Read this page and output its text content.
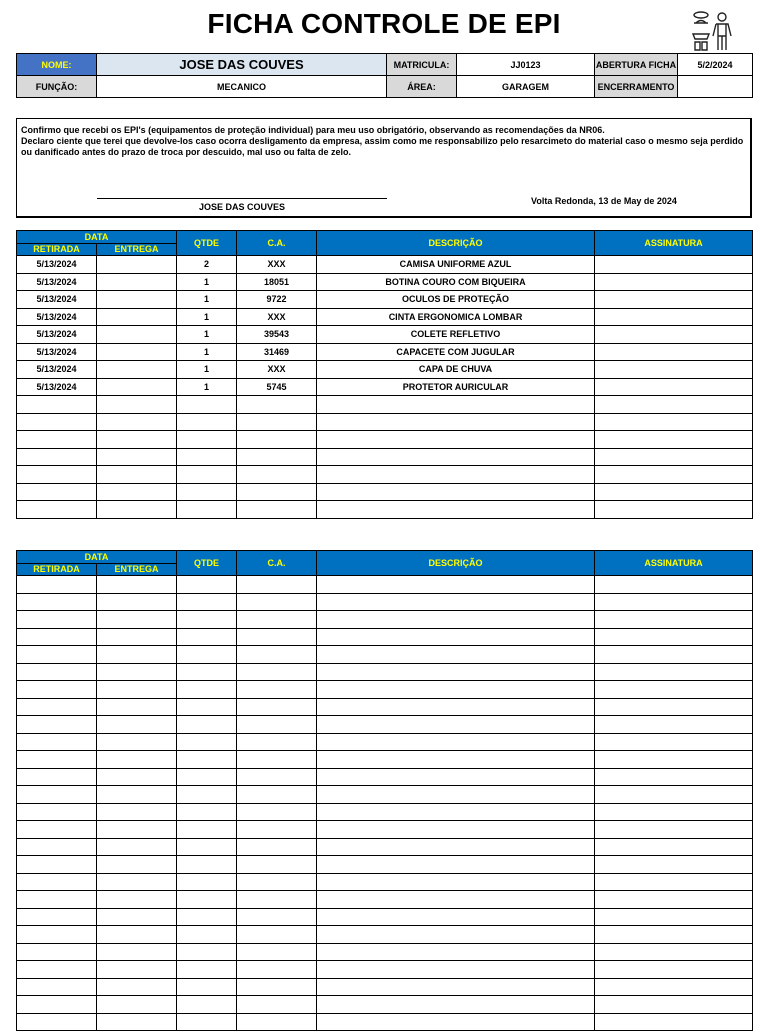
FICHA CONTROLE DE EPI
NOME:	JOSE DAS COUVES	MATRICULA:	JJ0123	ABERTURA FICHA	5/2/2024
FUNÇÃO:	MECANICO	ÁREA:	GARAGEM	ENCERRAMENTO	
Confirmo que recebi os EPI's (equipamentos de proteção individual) para meu uso obrigatório, observando as recomendações da NR06.
Declaro ciente que terei que devolve-los caso ocorra desligamento da empresa, assim como me responsabilizo pelo resarcimeto do material caso o mesmo seja perdido ou danificado antes do prazo de troca por descuido, mal uso ou falta de zelo.
JOSE DAS COUVES
Volta Redonda, 13 de May de 2024
DATA		QTDE	C.A.	DESCRIÇÃO	ASSINATURA
RETIRADA	ENTREGA				
5/13/2024		2	XXX	CAMISA UNIFORME AZUL	
5/13/2024		1	18051	BOTINA COURO COM BIQUEIRA	
5/13/2024		1	9722	OCULOS DE PROTEÇÃO	
5/13/2024		1	XXX	CINTA ERGONOMICA LOMBAR	
5/13/2024		1	39543	COLETE REFLETIVO	
5/13/2024		1	31469	CAPACETE COM JUGULAR	
5/13/2024		1	XXX	CAPA DE CHUVA	
5/13/2024		1	5745	PROTETOR AURICULAR	

DATA		QTDE	C.A.	DESCRIÇÃO	ASSINATURA
RETIRADA	ENTREGA				
